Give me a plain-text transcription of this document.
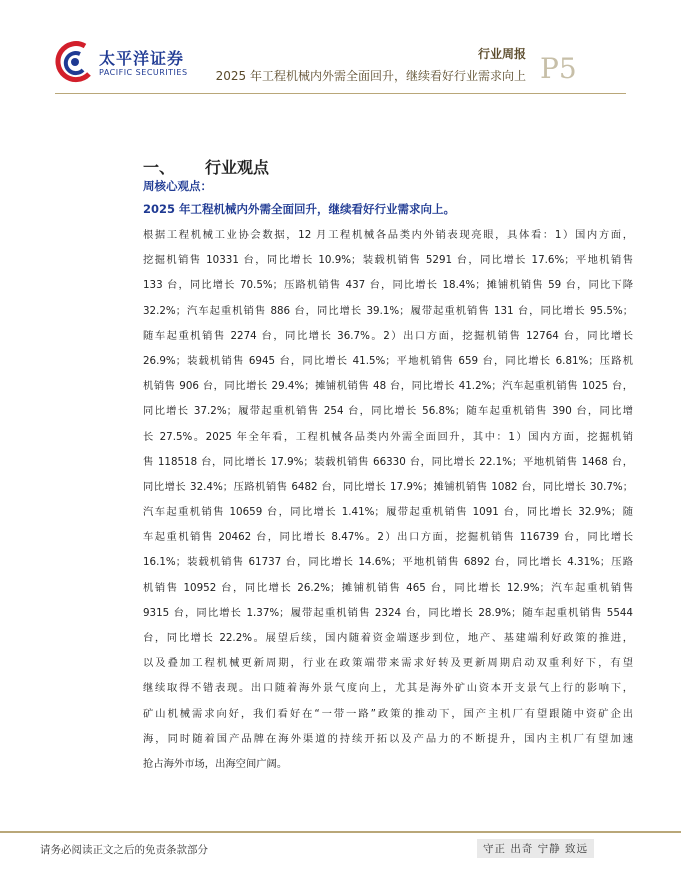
太平洋证券
PACIFIC SECURITIES
行业周报
2025 年工程机械内外需全面回升，继续看好行业需求向上 P5
一、 行业观点
周核心观点：
2025 年工程机械内外需全面回升，继续看好行业需求向上。
根据工程机械工业协会数据，12 月工程机械各品类内外销表现亮眼，具体看：1）国内方面，
挖掘机销售 10331 台，同比增长 10.9%；装载机销售 5291 台，同比增长 17.6%；平地机销售
133 台，同比增长 70.5%；压路机销售 437 台，同比增长 18.4%；摊铺机销售 59 台，同比下降
32.2%；汽车起重机销售 886 台，同比增长 39.1%；履带起重机销售 131 台，同比增长 95.5%；
随车起重机销售 2274 台，同比增长 36.7%。2）出口方面，挖掘机销售 12764 台，同比增长
26.9%；装载机销售 6945 台，同比增长 41.5%；平地机销售 659 台，同比增长 6.81%；压路机
机销售 906 台，同比增长 29.4%；摊铺机销售 48 台，同比增长 41.2%；汽车起重机销售 1025 台，
同比增长 37.2%；履带起重机销售 254 台，同比增长 56.8%；随车起重机销售 390 台，同比增
长 27.5%。2025 年全年看，工程机械各品类内外需全面回升，其中：1）国内方面，挖掘机销
售 118518 台，同比增长 17.9%；装载机销售 66330 台，同比增长 22.1%；平地机销售 1468 台，
同比增长 32.4%；压路机销售 6482 台，同比增长 17.9%；摊铺机销售 1082 台，同比增长 30.7%；
汽车起重机销售 10659 台，同比增长 1.41%；履带起重机销售 1091 台，同比增长 32.9%；随
车起重机销售 20462 台，同比增长 8.47%。2）出口方面，挖掘机销售 116739 台，同比增长
16.1%；装载机销售 61737 台，同比增长 14.6%；平地机销售 6892 台，同比增长 4.31%；压路
机销售 10952 台，同比增长 26.2%；摊铺机销售 465 台，同比增长 12.9%；汽车起重机销售
9315 台，同比增长 1.37%；履带起重机销售 2324 台，同比增长 28.9%；随车起重机销售 5544
台，同比增长 22.2%。展望后续，国内随着资金端逐步到位，地产、基建端利好政策的推进，
以及叠加工程机械更新周期，行业在政策端带来需求好转及更新周期启动双重利好下，有望
继续取得不错表现。出口随着海外景气度向上，尤其是海外矿山资本开支景气上行的影响下，
矿山机械需求向好，我们看好在“一带一路”政策的推动下，国产主机厂有望跟随中资矿企出
海，同时随着国产品牌在海外渠道的持续开拓以及产品力的不断提升，国内主机厂有望加速
抢占海外市场，出海空间广阔。
请务必阅读正文之后的免责条款部分	守正 出奇 宁静 致远
